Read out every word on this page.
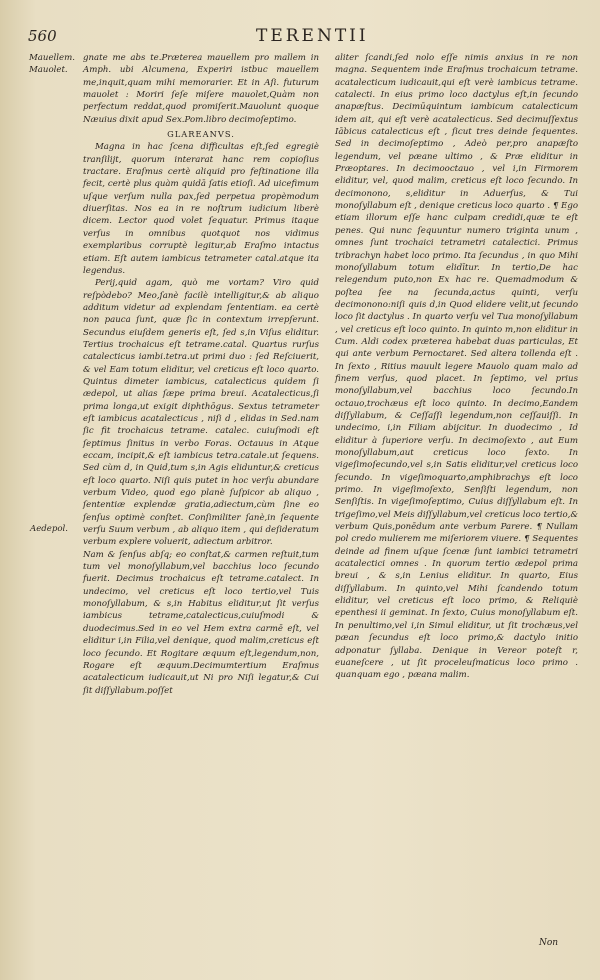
560	TERENTII
Mauellem.
Mauolet.
Aedepol.

gnate me abs te.Præterea mauellem pro mallem in Amph. ubi Alcumena, Experiri istbuc mauellem me,inquit,quam mihi memorarier. Et in Aſi. futurum mauolet : Moriri ſeſe miſere mauolet,Quàm non perfectum reddat,quod promiſerit.Mauolunt quoque Næuius dixit apud Sex.Pom.libro decimoſeptimo.

GLAREANVS.

Magna in hac ſcena difficultas eſt,ſed egregiè tranſilijt, quorum interarat hanc rem copioſius tractare. Eraſmus certè aliquid pro feſtinatione illa fecit, certè plus quàm quidā ſatis etioſi. Ad uicefimum uſque verſum nulla pax,ſed perpetua propèmodum diuerſitas. Nos ea in re noſtrum iudicium liberè dicem. Lector quod volet ſequatur. Primus itaque verſus in omnibus quotquot nos vidimus exemplaribus corruptè legitur,ab Eraſmo intactus etiam. Eſt autem iambicus tetrameter catal.atque ita legendus.

Perij,quid agam, quò me vortam? Viro quid reſpòdebo? Meo,ſanè facilè intelligitur,& ab aliquo additum videtur ad explendam ſententiam. ea certè non pauca ſunt, quæ ſic in contextum irrepſerunt. Secundus eiuſdem generis eſt, ſed s,in Viſus eliditur. Tertius trochaicus eſt tetrame.catal. Quartus rurſus catalecticus iambi.tetra.ut primi duo : ſed Reſciuerit, & vel Eam totum eliditur, vel creticus eſt loco quarto. Quintus dimeter iambicus, catalecticus quidem ſi ædepol, ut alias ſæpe prima breui. Acatalecticus,ſi prima longa,ut exigit diphthōgus. Sextus tetrameter eſt iambicus acatalecticus , niſi d , elidas in Sed.nam ſic fit trochaicus tetrame. catalec. cuiuſmodi eſt ſeptimus ſinitus in verbo Foras. Octauus in Atque eccam, incipit,& eſt iambicus tetra.catale.ut ſequens. Sed cùm d, in Quid,tum s,in Agis eliduntur,& creticus eſt loco quarto. Niſi quis putet in hoc verſu abundare verbum Video, quod ego planè ſuſpicor ab aliquo , ſententiæ explendæ gratia,adiectum,cùm ſine eo ſenſus optimè conſtet. Conſimiliter ſanè,in ſequente verſu Suum verbum , ab aliquo item , qui deſideratum verbum explere voluerit, adiectum arbitror.

Nam & ſenſus abſq; eo conſtat,& carmen reſtuit,tum tum vel monoſyllabum,vel bacchius loco ſecundo fuerit. Decimus trochaicus eſt tetrame.catalect. In undecimo, vel creticus eſt loco tertio,vel Tuis monoſyllabum, & s,in Habitus eliditur,ut ſit verſus iambicus tetrame,catalecticus,cuiuſmodi & duodecimus.Sed in eo vel Hem extra carmē eſt, vel eliditur i,in Filia,vel denique, quod malim,creticus eſt loco ſecundo. Et Rogitare æquum eſt,legendum,non, Rogare eſt æquum.Decimumtertium Eraſmus acatalecticum iudicauit,ut Ni pro Niſi legatur,& Cui ſit diſſyllabum.poſſet

aliter ſcandi,ſed nolo eſſe nimis anxius in re non magna. Sequentem inde Eraſmus trochaicum tetrame. acatalecticum iudicauit,qui eſt verè iambicus tetrame. catalecti. In eius primo loco dactylus eſt,in ſecundo anapæſtus. Decimūquintum iambicum catalecticum idem ait, qui eſt verè acatalecticus. Sed decimuſſextus Iābicus catalecticus eſt , ſicut tres deinde ſequentes. Sed in decimoſeptimo , Adeò per,pro anapæſto legendum, vel pæane ultimo , & Præ eliditur in Præoptares. In decimooctauo , vel i,in Firmorem eliditur, vel, quod malim, creticus eſt loco ſecundo. In decimonono, s,eliditur in Aduerſus, & Tui monoſyllabum eſt , denique creticus loco quarto . ¶ Ego etiam illorum eſſe hanc culpam credidi,quæ te eſt penes. Qui nunc ſequuntur numero triginta unum , omnes ſunt trochaici tetrametri catalectici. Primus tribrachyn habet loco primo. Ita ſecundus , in quo Mihi monoſyllabum totum elidītur. In tertio,De hac relegendum puto,non Ex hac re. Quemadmodum & poſtea ſee na ſecunda,actus quinti, verſu decimonono:niſi quis d,in Quod elidere velit,ut ſecundo loco ſit dactylus . In quarto verſu vel Tua monoſyllabum , vel creticus eſt loco quinto. In quinto m,non eliditur in Cum. Aldi codex præterea habebat duas particulas, Et qui ante verbum Pernoctaret. Sed altera tollenda eſt . In ſexto , Ritius mauult legere Mauolo quam malo ad finem verſus, quod placet. In ſeptimo, vel prius monoſyllabum,vel bacchius loco ſecundo.In octauo,trochæus eſt loco quinto. In decimo,Eandem diſſyllabum, & Ceſſaſſi legendum,non ceſſauiſſi. In undecimo, i,in Filiam abijcitur. In duodecimo , Id eliditur à ſuperiore verſu. In decimoſexto , aut Eum monoſyllabum,aut creticus loco ſexto. In vigeſimoſecundo,vel s,in Satis eliditur,vel creticus loco ſecundo. In vigeſimoquarto,amphibrachys eſt loco primo. In vigeſimoſexto, Senſiſti legendum, non Senſiſtis. In vigeſimoſeptimo, Cuius diſſyllabum eſt. In trigeſimo,vel Meis diſſyllabum,vel creticus loco tertio,& verbum Quis,ponēdum ante verbum Parere. ¶ Nullam pol credo mulierem me miſeriorem viuere. ¶ Sequentes deinde ad finem uſque ſcenæ ſunt iambici tetrametri acatalectici omnes . In quorum tertio ædepol prima breui , & s,in Lenius eliditur. In quarto, Eius diſſyllabum. In quinto,vel Mihi ſcandendo totum eliditur, vel creticus eſt loco primo, & Reliquiè epenthesi ii geminat. In ſexto, Cuius monoſyllabum eſt. In penultimo,vel i,in Simul eliditur, ut ſit trochæus,vel pæan ſecundus eſt loco primo,& dactylo initio adponatur ſyllaba. Denique in Vereor poteſt r, euaneſcere , ut ſit proceleuſmaticus loco primo . quanquam ego , pæana malim.

Non
